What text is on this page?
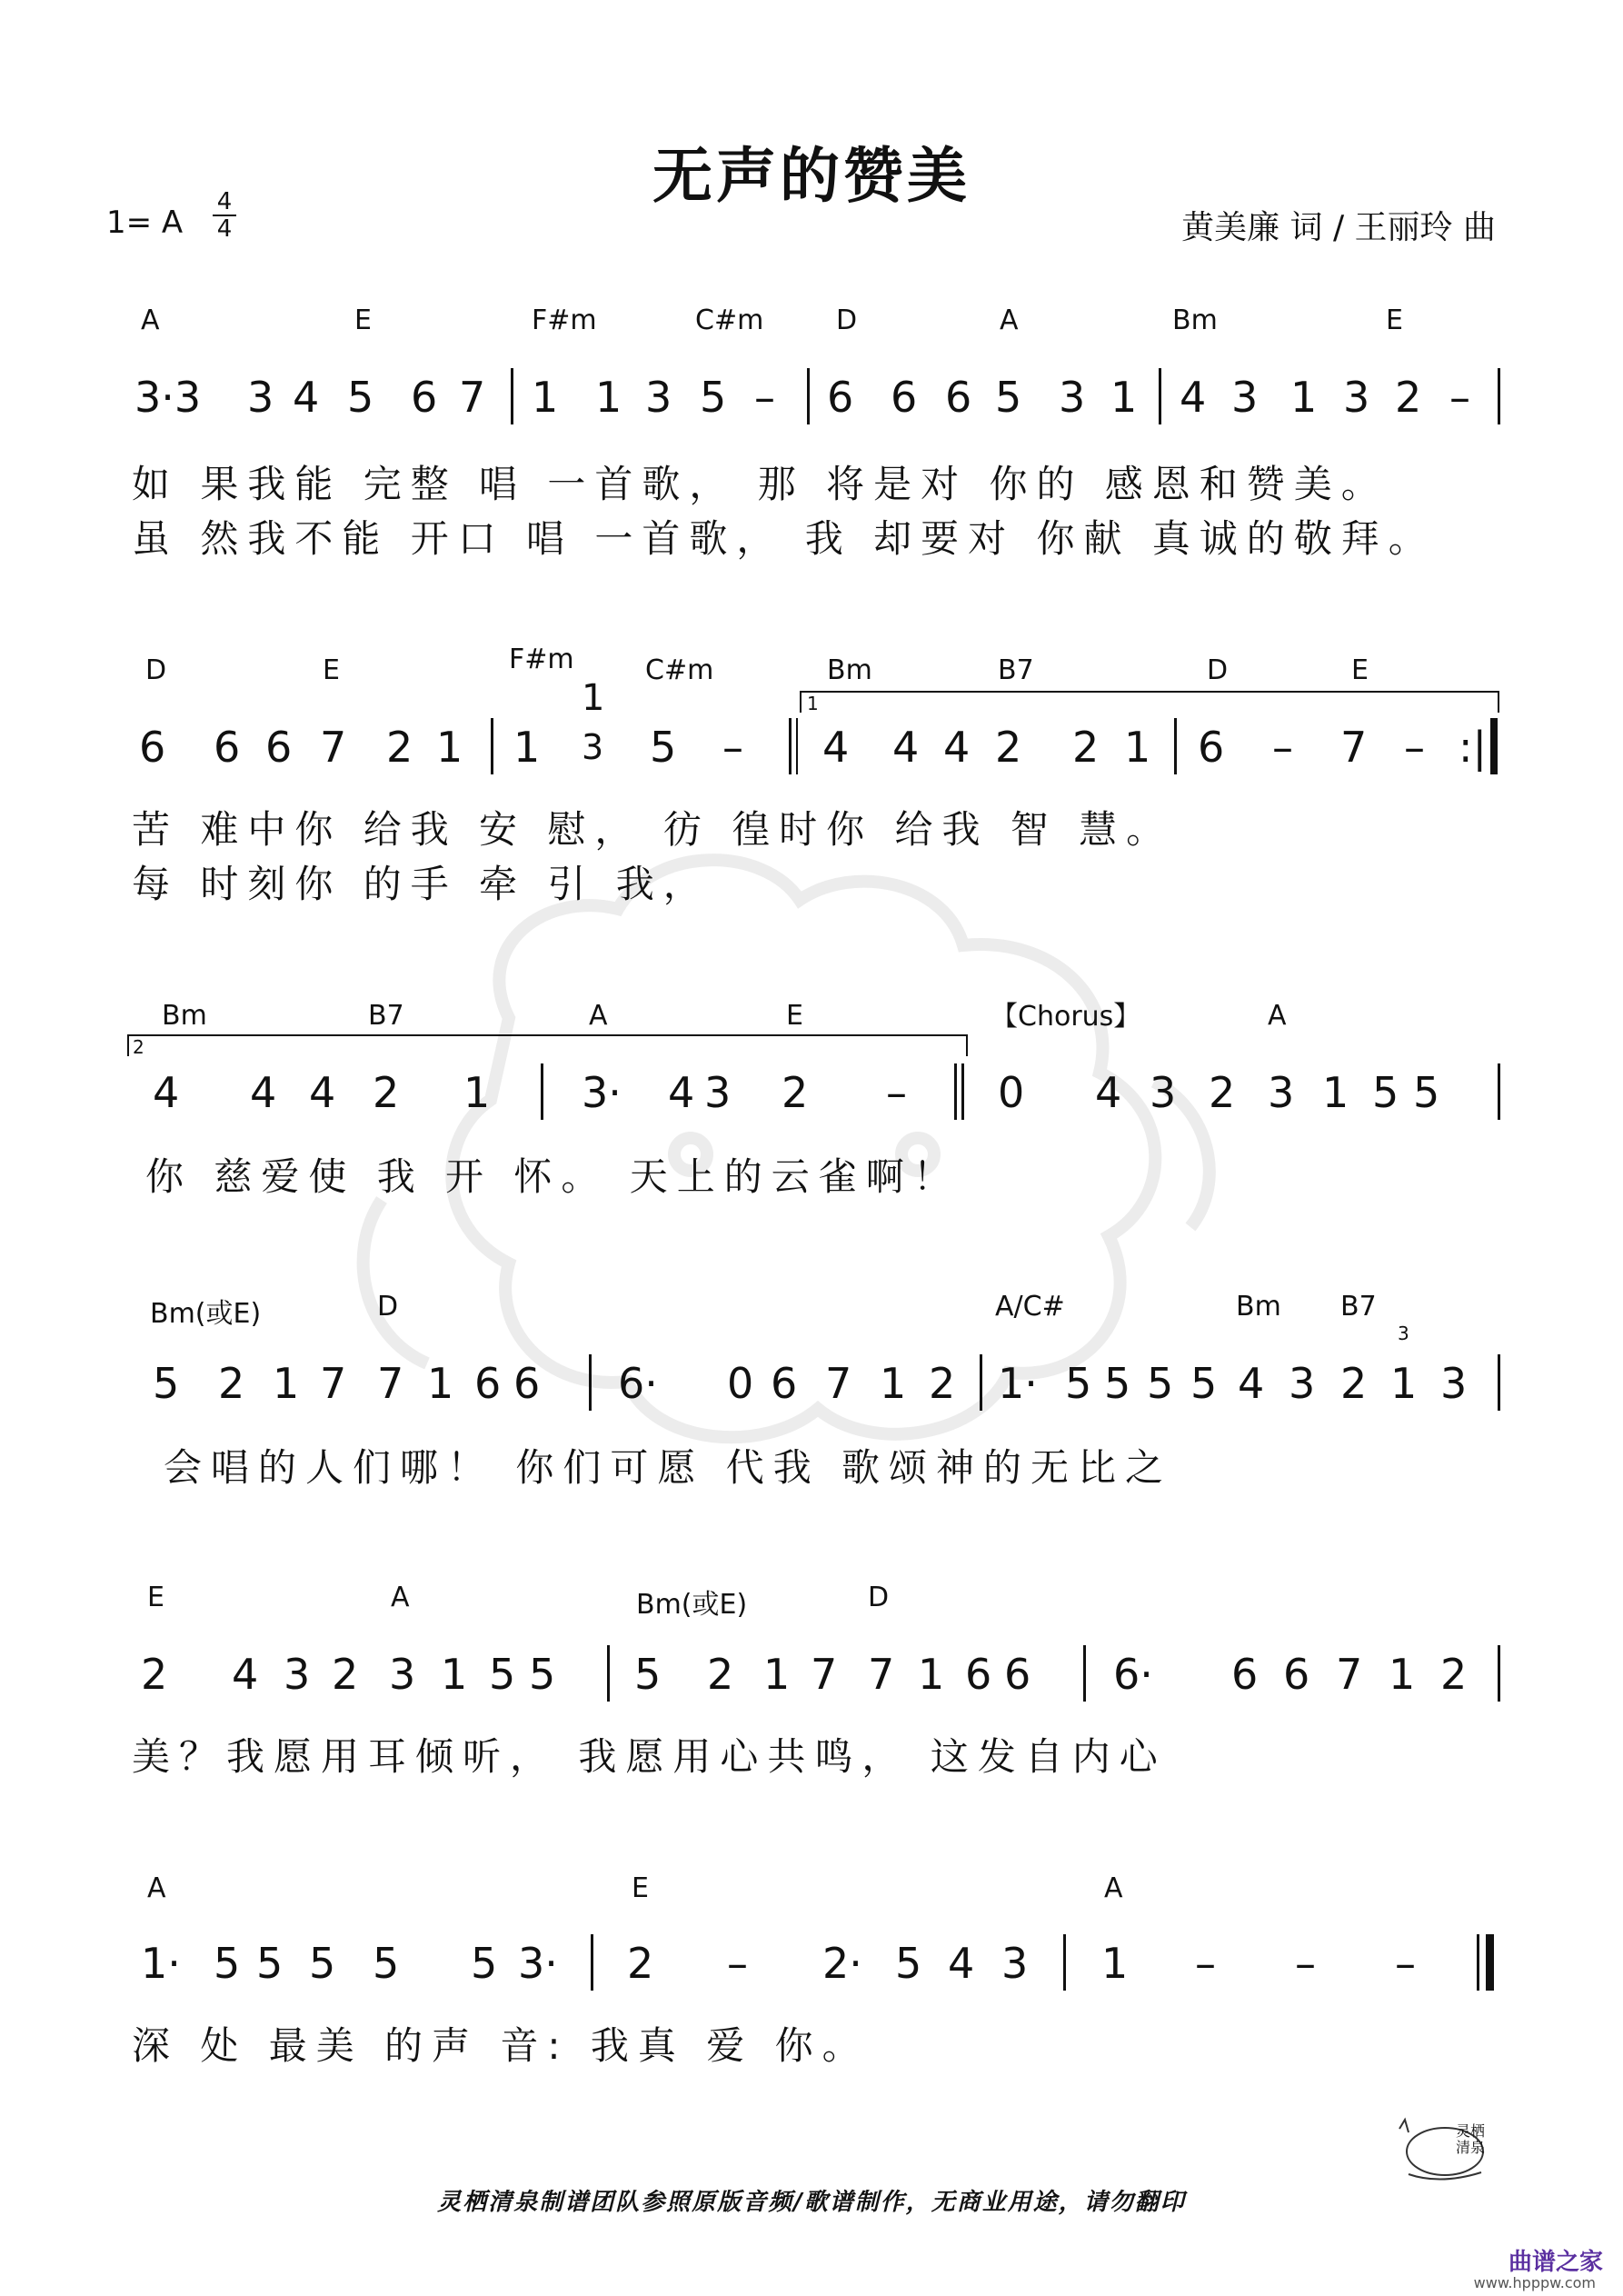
无声的赞美
1= A
4
4	黄美廉 词 / 王丽玲 曲
A	E	F#m	C#m	D	A	Bm	E
3·3 3 4 5 6 7 1 1 3 5 – 6 6 6 5 3 1 4 3 1 3 2 –
如 果我能 完整 唱 一首歌， 那 将是对 你的 感恩和赞美。
虽 然我不能 开口 唱 一首歌， 我 却要对 你献 真诚的敬拜。
D	E	F#m	C#m	Bm	B7	D	E
1
6 6 6 7 2 1 1
1
3 5 – 4 4 4 2 2 1 6 – 7 – :|
苦 难中你 给我 安 慰， 彷 徨时你 给我 智 慧。
每 时刻你 的手 牵 引 我，
2
Bm	B7	A	E	【Chorus】	A
4 4 4 2 1 3· 4 3 2 – 0 4 3 2 3 1 5 5
你 慈爱使 我 开 怀。 天上的云雀啊！
Bm(或E)	D	A/C#	Bm B7
3
5 2 1 7 7 1 6 6 6· 0 6 7 1 2 1· 5 5 5 5 4 3 2 1 3
会唱的人们哪！ 你们可愿 代我 歌颂神的无比之
E	A	Bm(或E)	D
2 4 3 2 3 1 5 5 5 2 1 7 7 1 6 6 6· 6 6 7 1 2
美？我愿用耳倾听， 我愿用心共鸣， 这发自内心
A	E	A
1· 5 5 5 5 5 3· 2 – 2· 5 4 3 1 – – –
深 处 最美 的声 音: 我真 爱 你。
灵栖清泉制谱团队参照原版音频/歌谱制作，无商业用途，请勿翻印
灵栖清泉
曲谱之家
www.hpppw.com
